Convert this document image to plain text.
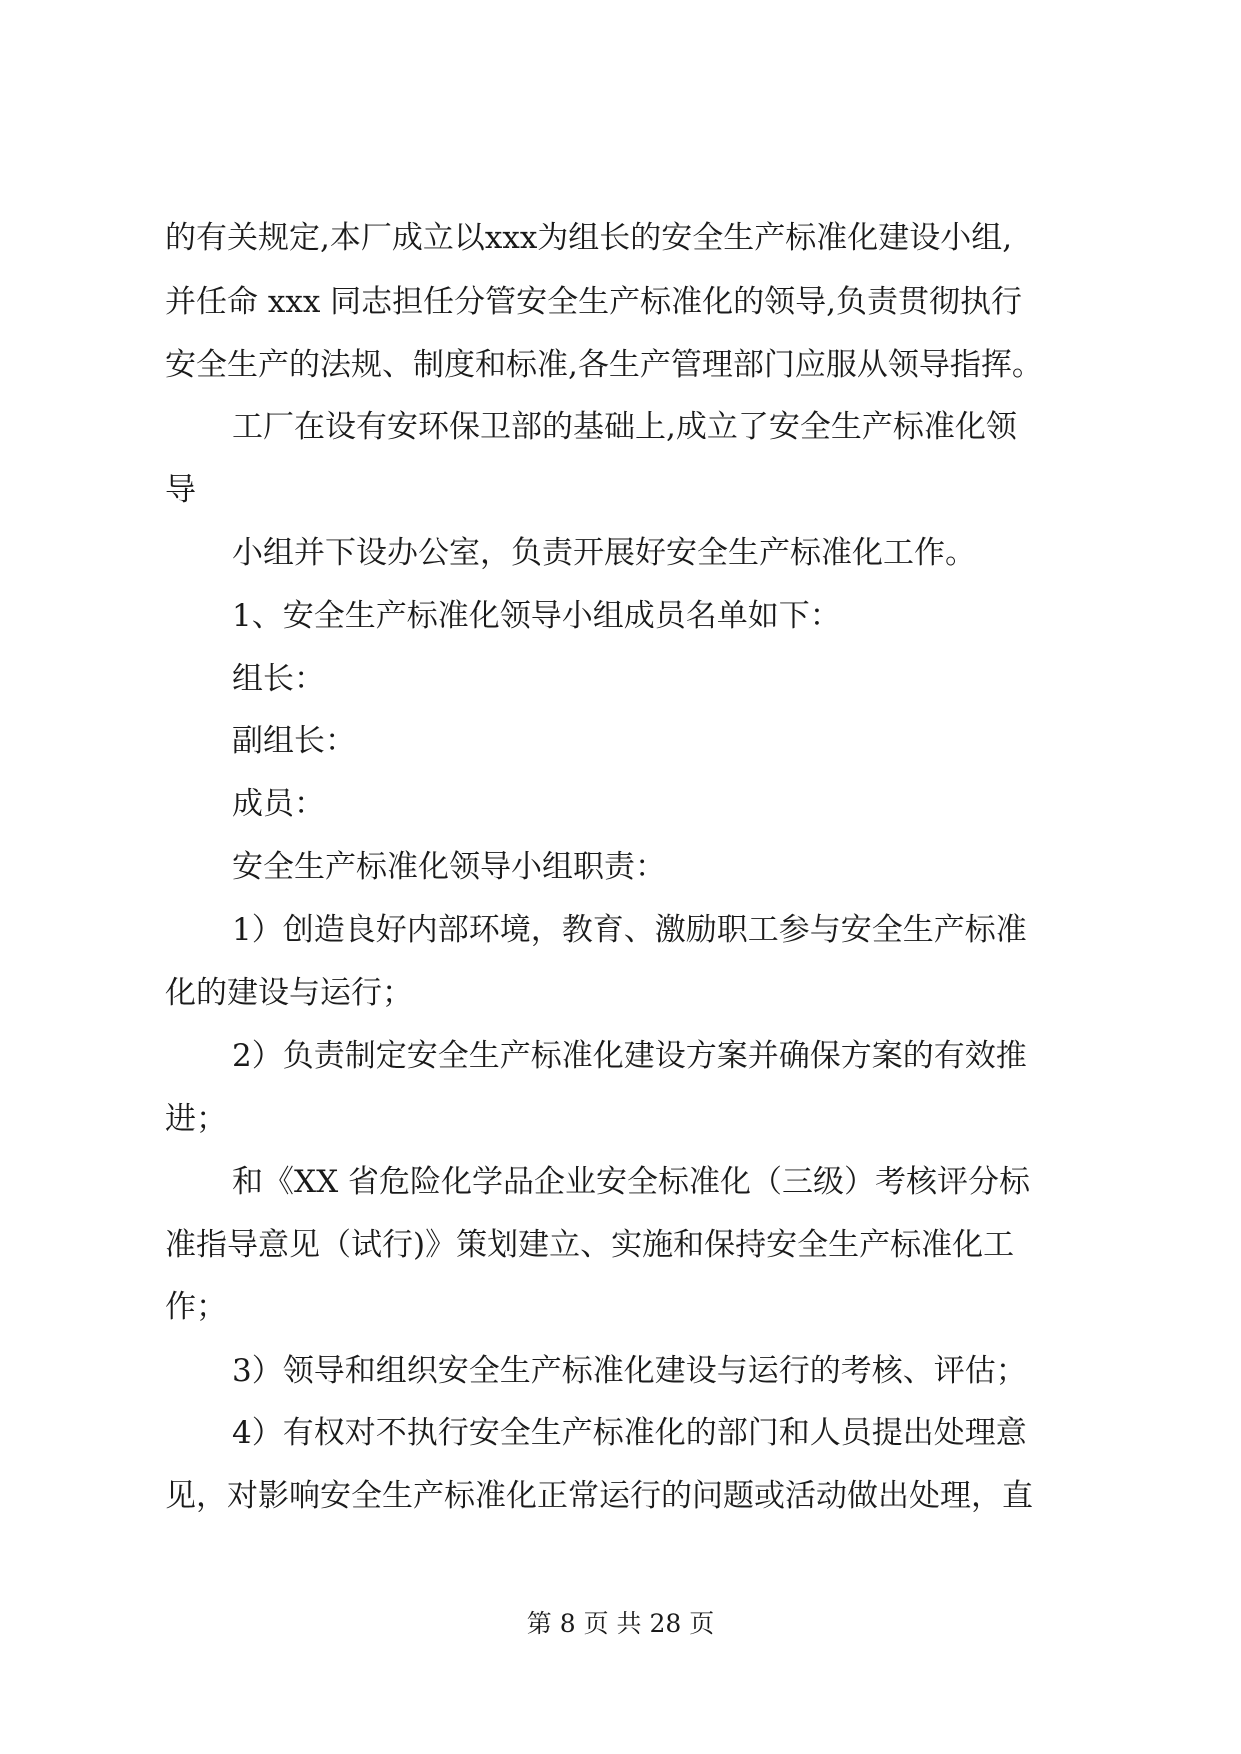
的有关规定,本厂成立以xxx为组长的安全生产标准化建设小组,
并任命 xxx 同志担任分管安全生产标准化的领导,负责贯彻执行
安全生产的法规、制度和标准,各生产管理部门应服从领导指挥。
工厂在设有安环保卫部的基础上,成立了安全生产标准化领
导
小组并下设办公室，负责开展好安全生产标准化工作。
1、安全生产标准化领导小组成员名单如下：
组长：
副组长：
成员：
安全生产标准化领导小组职责：
1）创造良好内部环境，教育、激励职工参与安全生产标准
化的建设与运行；
2）负责制定安全生产标准化建设方案并确保方案的有效推
进；
和《XX 省危险化学品企业安全标准化（三级）考核评分标
准指导意见（试行)》策划建立、实施和保持安全生产标准化工
作；
3）领导和组织安全生产标准化建设与运行的考核、评估；
4）有权对不执行安全生产标准化的部门和人员提出处理意
见，对影响安全生产标准化正常运行的问题或活动做出处理，直
第 8 页 共 28 页
